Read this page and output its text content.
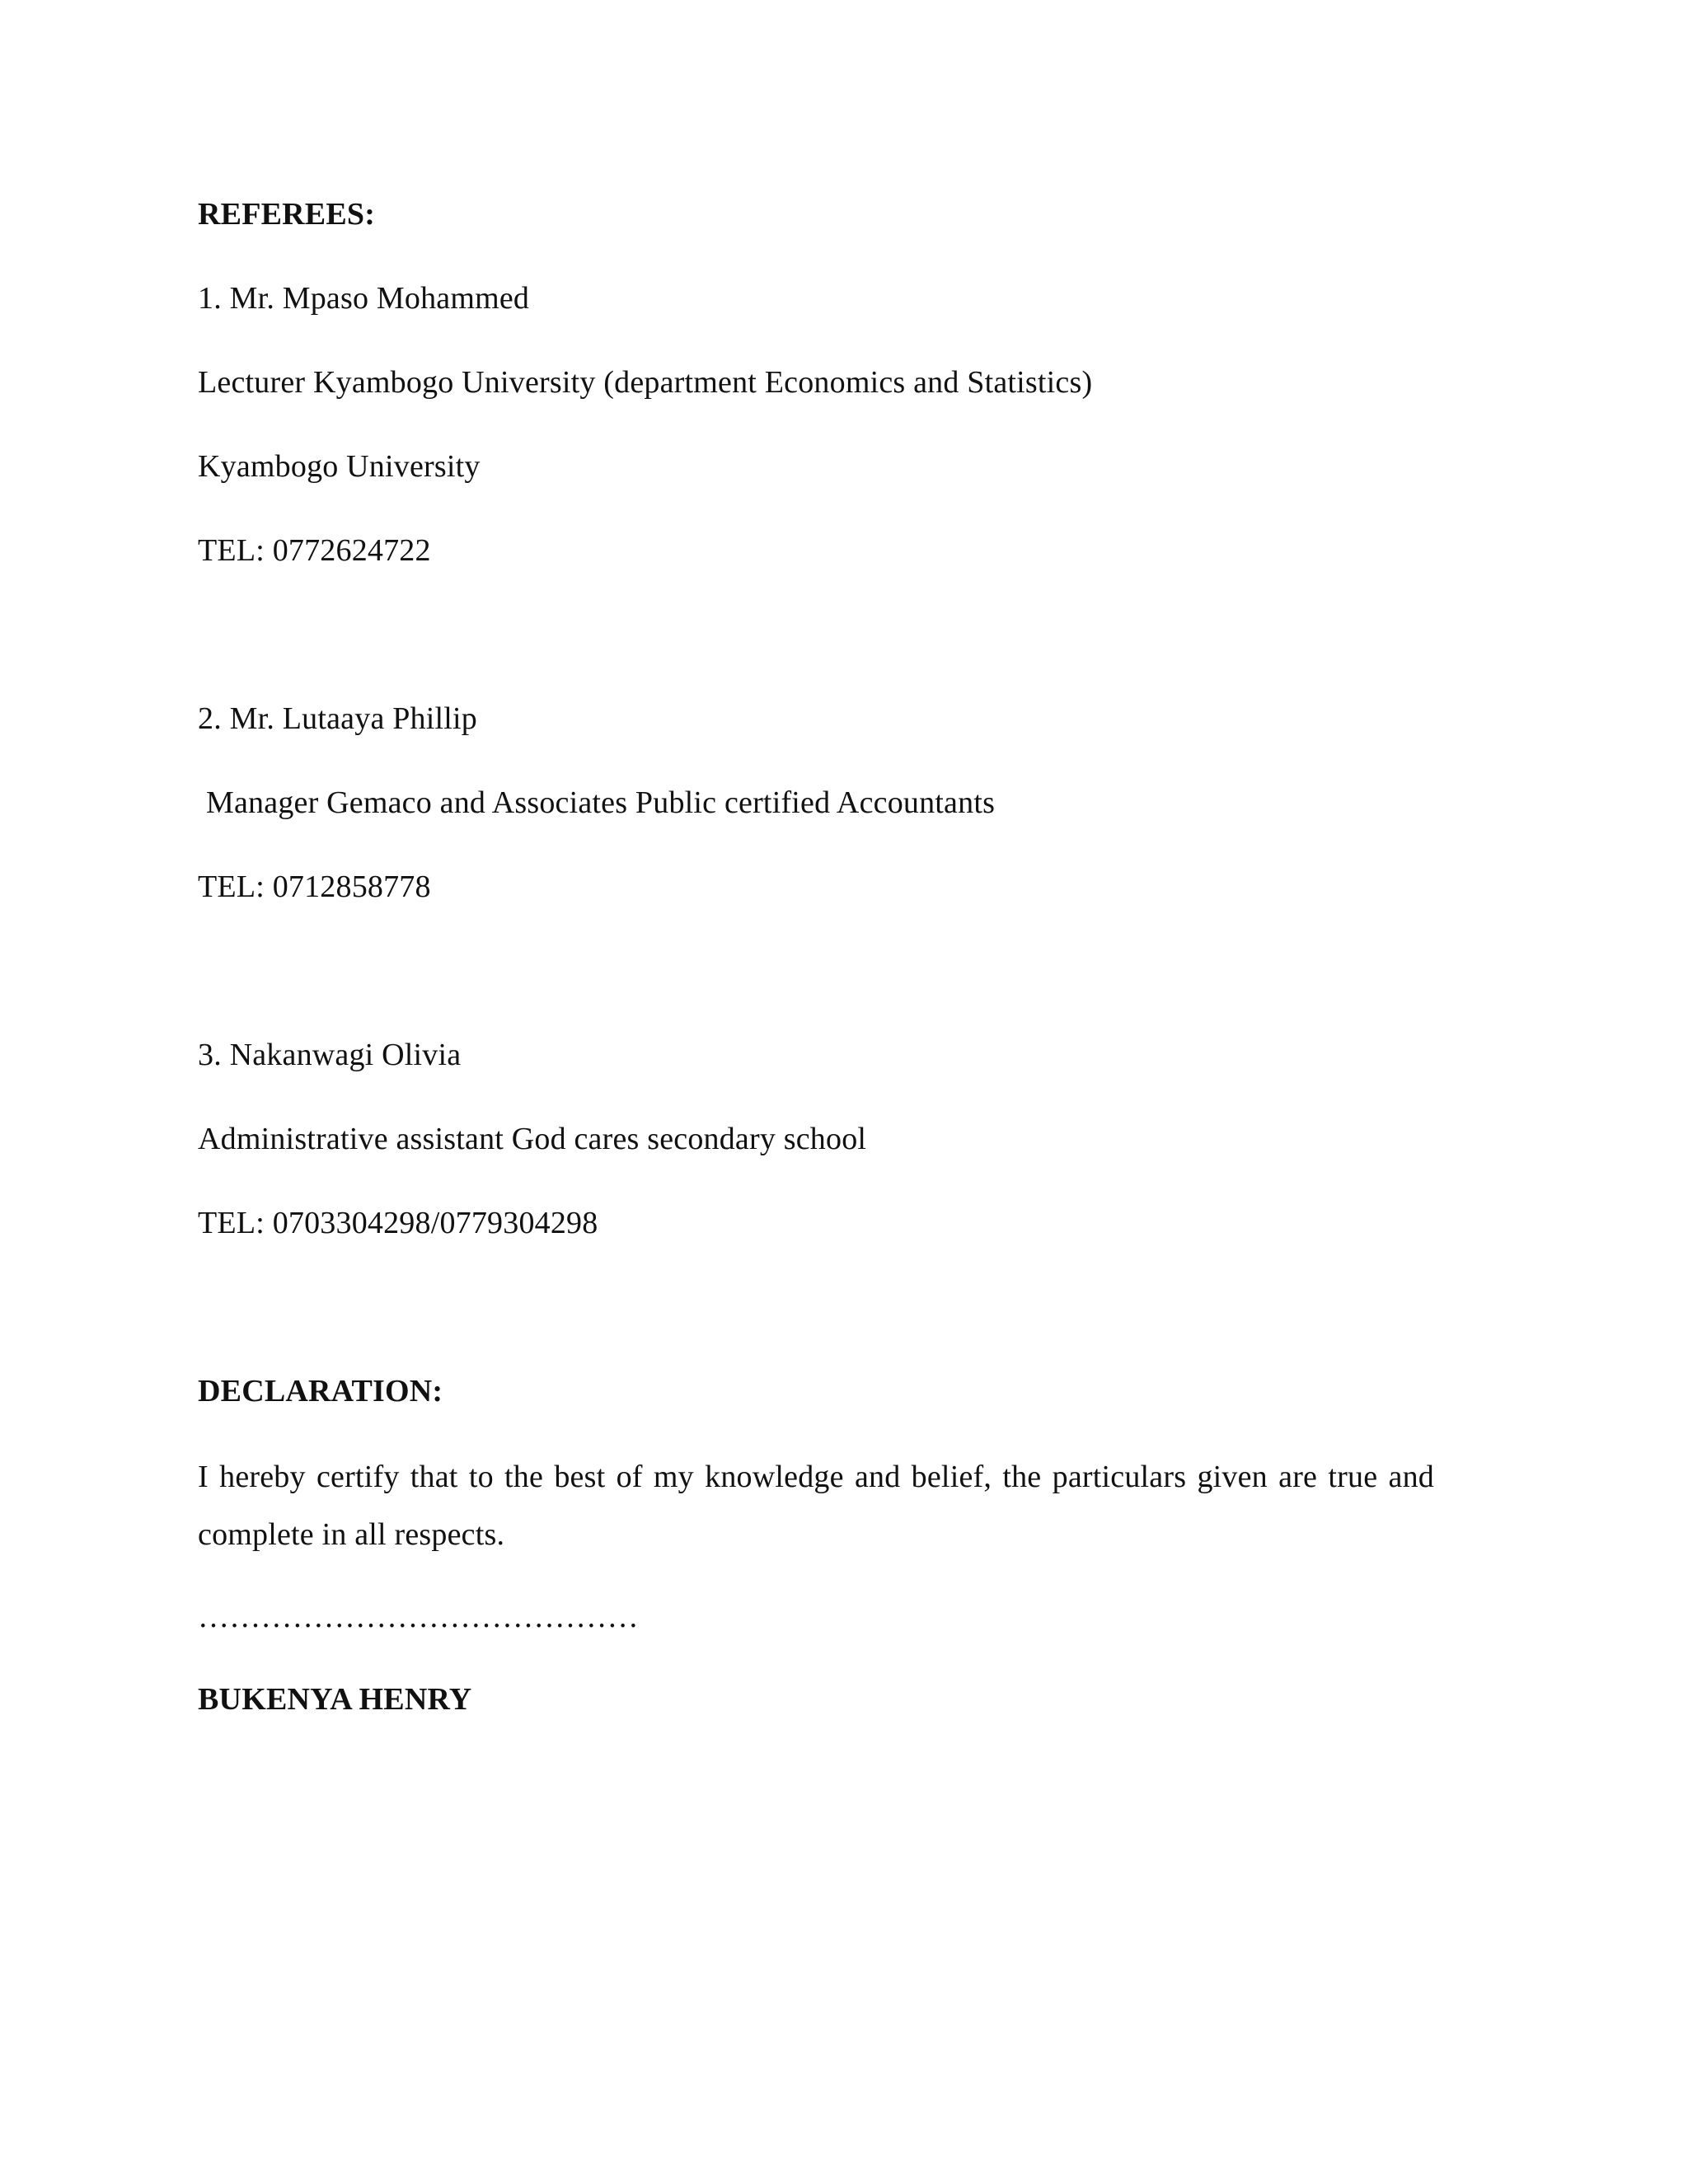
REFEREES:
1. Mr. Mpaso Mohammed
Lecturer Kyambogo University (department Economics and Statistics)
Kyambogo University
TEL: 0772624722
2. Mr. Lutaaya Phillip
Manager Gemaco and Associates Public certified Accountants
TEL: 0712858778
3. Nakanwagi Olivia
Administrative assistant God cares secondary school
TEL: 0703304298/0779304298
DECLARATION:
I hereby certify that to the best of my knowledge and belief, the particulars given are true and complete in all respects.
……………………………………
BUKENYA HENRY
